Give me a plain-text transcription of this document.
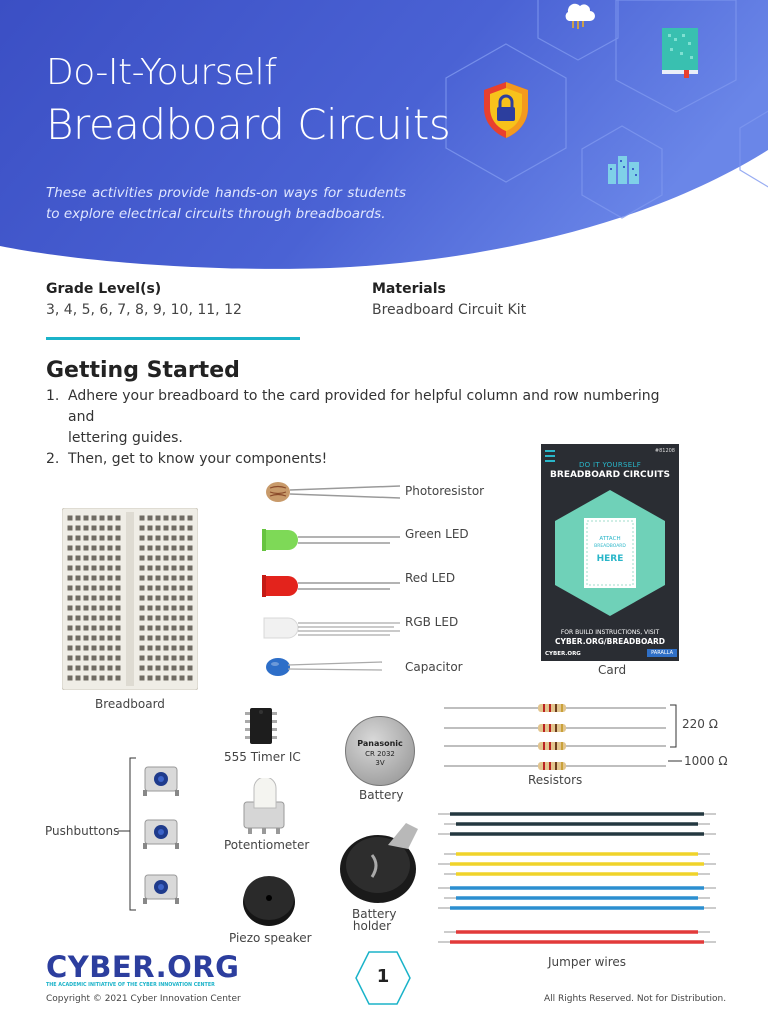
Do-It-Yourself
Breadboard Circuits
These activities provide hands-on ways for students to explore electrical circuits through breadboards.
Grade Level(s)
3, 4, 5, 6, 7, 8, 9, 10, 11, 12
Materials
Breadboard Circuit Kit
Getting Started
1. Adhere your breadboard to the card provided for helpful column and row numbering and
lettering guides.
2. Then, get to know your components!
Breadboard
Photoresistor
Green LED
Red LED
RGB LED
Capacitor
#81208
DO IT YOURSELF
BREADBOARD CIRCUITS
ATTACH
BREADBOARD
HERE
FOR BUILD INSTRUCTIONS, VISIT
CYBER.ORG/BREADBOARD
CYBER.ORG	PARALLA
Card
555 Timer IC
Panasonic
CR 2032
3V
Battery
220 Ω
1000 Ω
Resistors
Pushbuttons
Potentiometer
Piezo speaker
Battery
holder
Jumper wires
CYBER.ORG
THE ACADEMIC INITIATIVE OF THE CYBER INNOVATION CENTER
Copyright © 2021 Cyber Innovation Center
1
All Rights Reserved. Not for Distribution.
